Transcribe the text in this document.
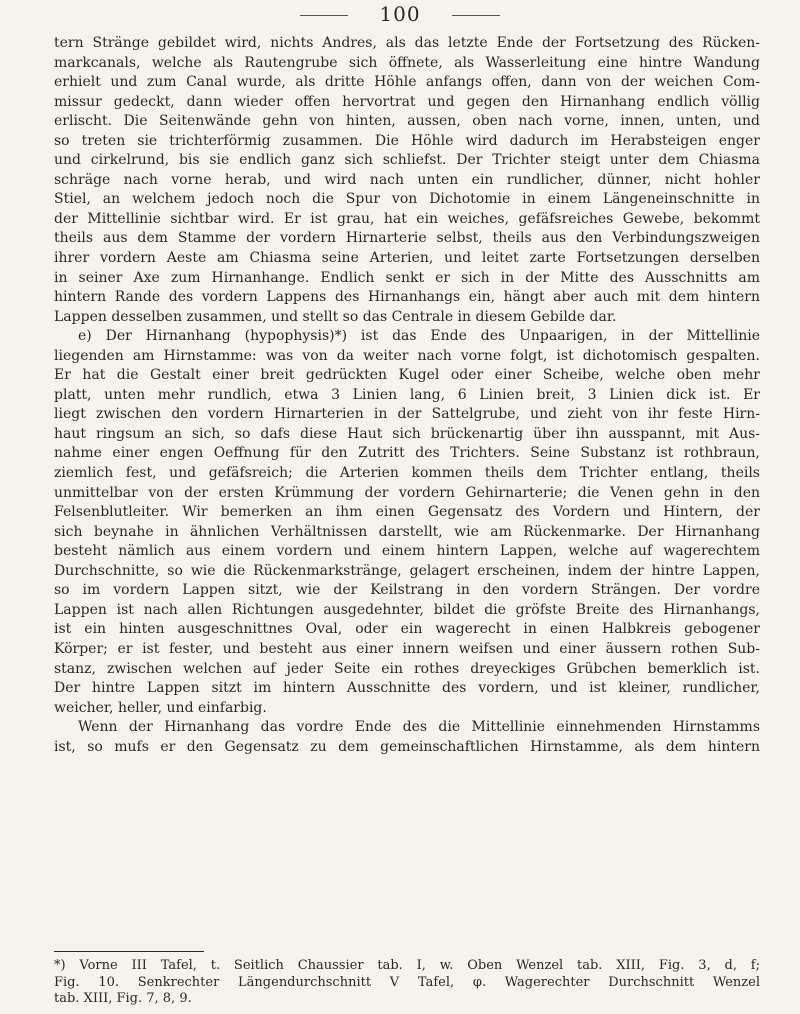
100
tern Stränge gebildet wird, nichts Andres, als das letzte Ende der Fortsetzung des Rücken-
markcanals, welche als Rautengrube sich öffnete, als Wasserleitung eine hintre Wandung
erhielt und zum Canal wurde, als dritte Höhle anfangs offen, dann von der weichen Com-
missur gedeckt, dann wieder offen hervortrat und gegen den Hirnanhang endlich völlig
erlischt. Die Seitenwände gehn von hinten, aussen, oben nach vorne, innen, unten, und
so treten sie trichterförmig zusammen. Die Höhle wird dadurch im Herabsteigen enger
und cirkelrund, bis sie endlich ganz sich schliefst. Der Trichter steigt unter dem Chiasma
schräge nach vorne herab, und wird nach unten ein rundlicher, dünner, nicht hohler
Stiel, an welchem jedoch noch die Spur von Dichotomie in einem Längeneinschnitte in
der Mittellinie sichtbar wird. Er ist grau, hat ein weiches, gefäfsreiches Gewebe, bekommt
theils aus dem Stamme der vordern Hirnarterie selbst, theils aus den Verbindungszweigen
ihrer vordern Aeste am Chiasma seine Arterien, und leitet zarte Fortsetzungen derselben
in seiner Axe zum Hirnanhange. Endlich senkt er sich in der Mitte des Ausschnitts am
hintern Rande des vordern Lappens des Hirnanhangs ein, hängt aber auch mit dem hintern
Lappen desselben zusammen, und stellt so das Centrale in diesem Gebilde dar.
e) Der Hirnanhang (hypophysis)*) ist das Ende des Unpaarigen, in der Mittellinie
liegenden am Hirnstamme: was von da weiter nach vorne folgt, ist dichotomisch gespalten.
Er hat die Gestalt einer breit gedrückten Kugel oder einer Scheibe, welche oben mehr
platt, unten mehr rundlich, etwa 3 Linien lang, 6 Linien breit, 3 Linien dick ist. Er
liegt zwischen den vordern Hirnarterien in der Sattelgrube, und zieht von ihr feste Hirn-
haut ringsum an sich, so dafs diese Haut sich brückenartig über ihn ausspannt, mit Aus-
nahme einer engen Oeffnung für den Zutritt des Trichters. Seine Substanz ist rothbraun,
ziemlich fest, und gefäfsreich; die Arterien kommen theils dem Trichter entlang, theils
unmittelbar von der ersten Krümmung der vordern Gehirnarterie; die Venen gehn in den
Felsenblutleiter. Wir bemerken an ihm einen Gegensatz des Vordern und Hintern, der
sich beynahe in ähnlichen Verhältnissen darstellt, wie am Rückenmarke. Der Hirnanhang
besteht nämlich aus einem vordern und einem hintern Lappen, welche auf wagerechtem
Durchschnitte, so wie die Rückenmarkstränge, gelagert erscheinen, indem der hintre Lappen,
so im vordern Lappen sitzt, wie der Keilstrang in den vordern Strängen. Der vordre
Lappen ist nach allen Richtungen ausgedehnter, bildet die gröfste Breite des Hirnanhangs,
ist ein hinten ausgeschnittnes Oval, oder ein wagerecht in einen Halbkreis gebogener
Körper; er ist fester, und besteht aus einer innern weifsen und einer äussern rothen Sub-
stanz, zwischen welchen auf jeder Seite ein rothes dreyeckiges Grübchen bemerklich ist.
Der hintre Lappen sitzt im hintern Ausschnitte des vordern, und ist kleiner, rundlicher,
weicher, heller, und einfarbig.
Wenn der Hirnanhang das vordre Ende des die Mittellinie einnehmenden Hirnstamms
ist, so mufs er den Gegensatz zu dem gemeinschaftlichen Hirnstamme, als dem hintern
*) Vorne III Tafel, t. Seitlich Chaussier tab. I, w. Oben Wenzel tab. XIII, Fig. 3, d, f;
Fig. 10. Senkrechter Längendurchschnitt V Tafel, φ. Wagerechter Durchschnitt Wenzel
tab. XIII, Fig. 7, 8, 9.
